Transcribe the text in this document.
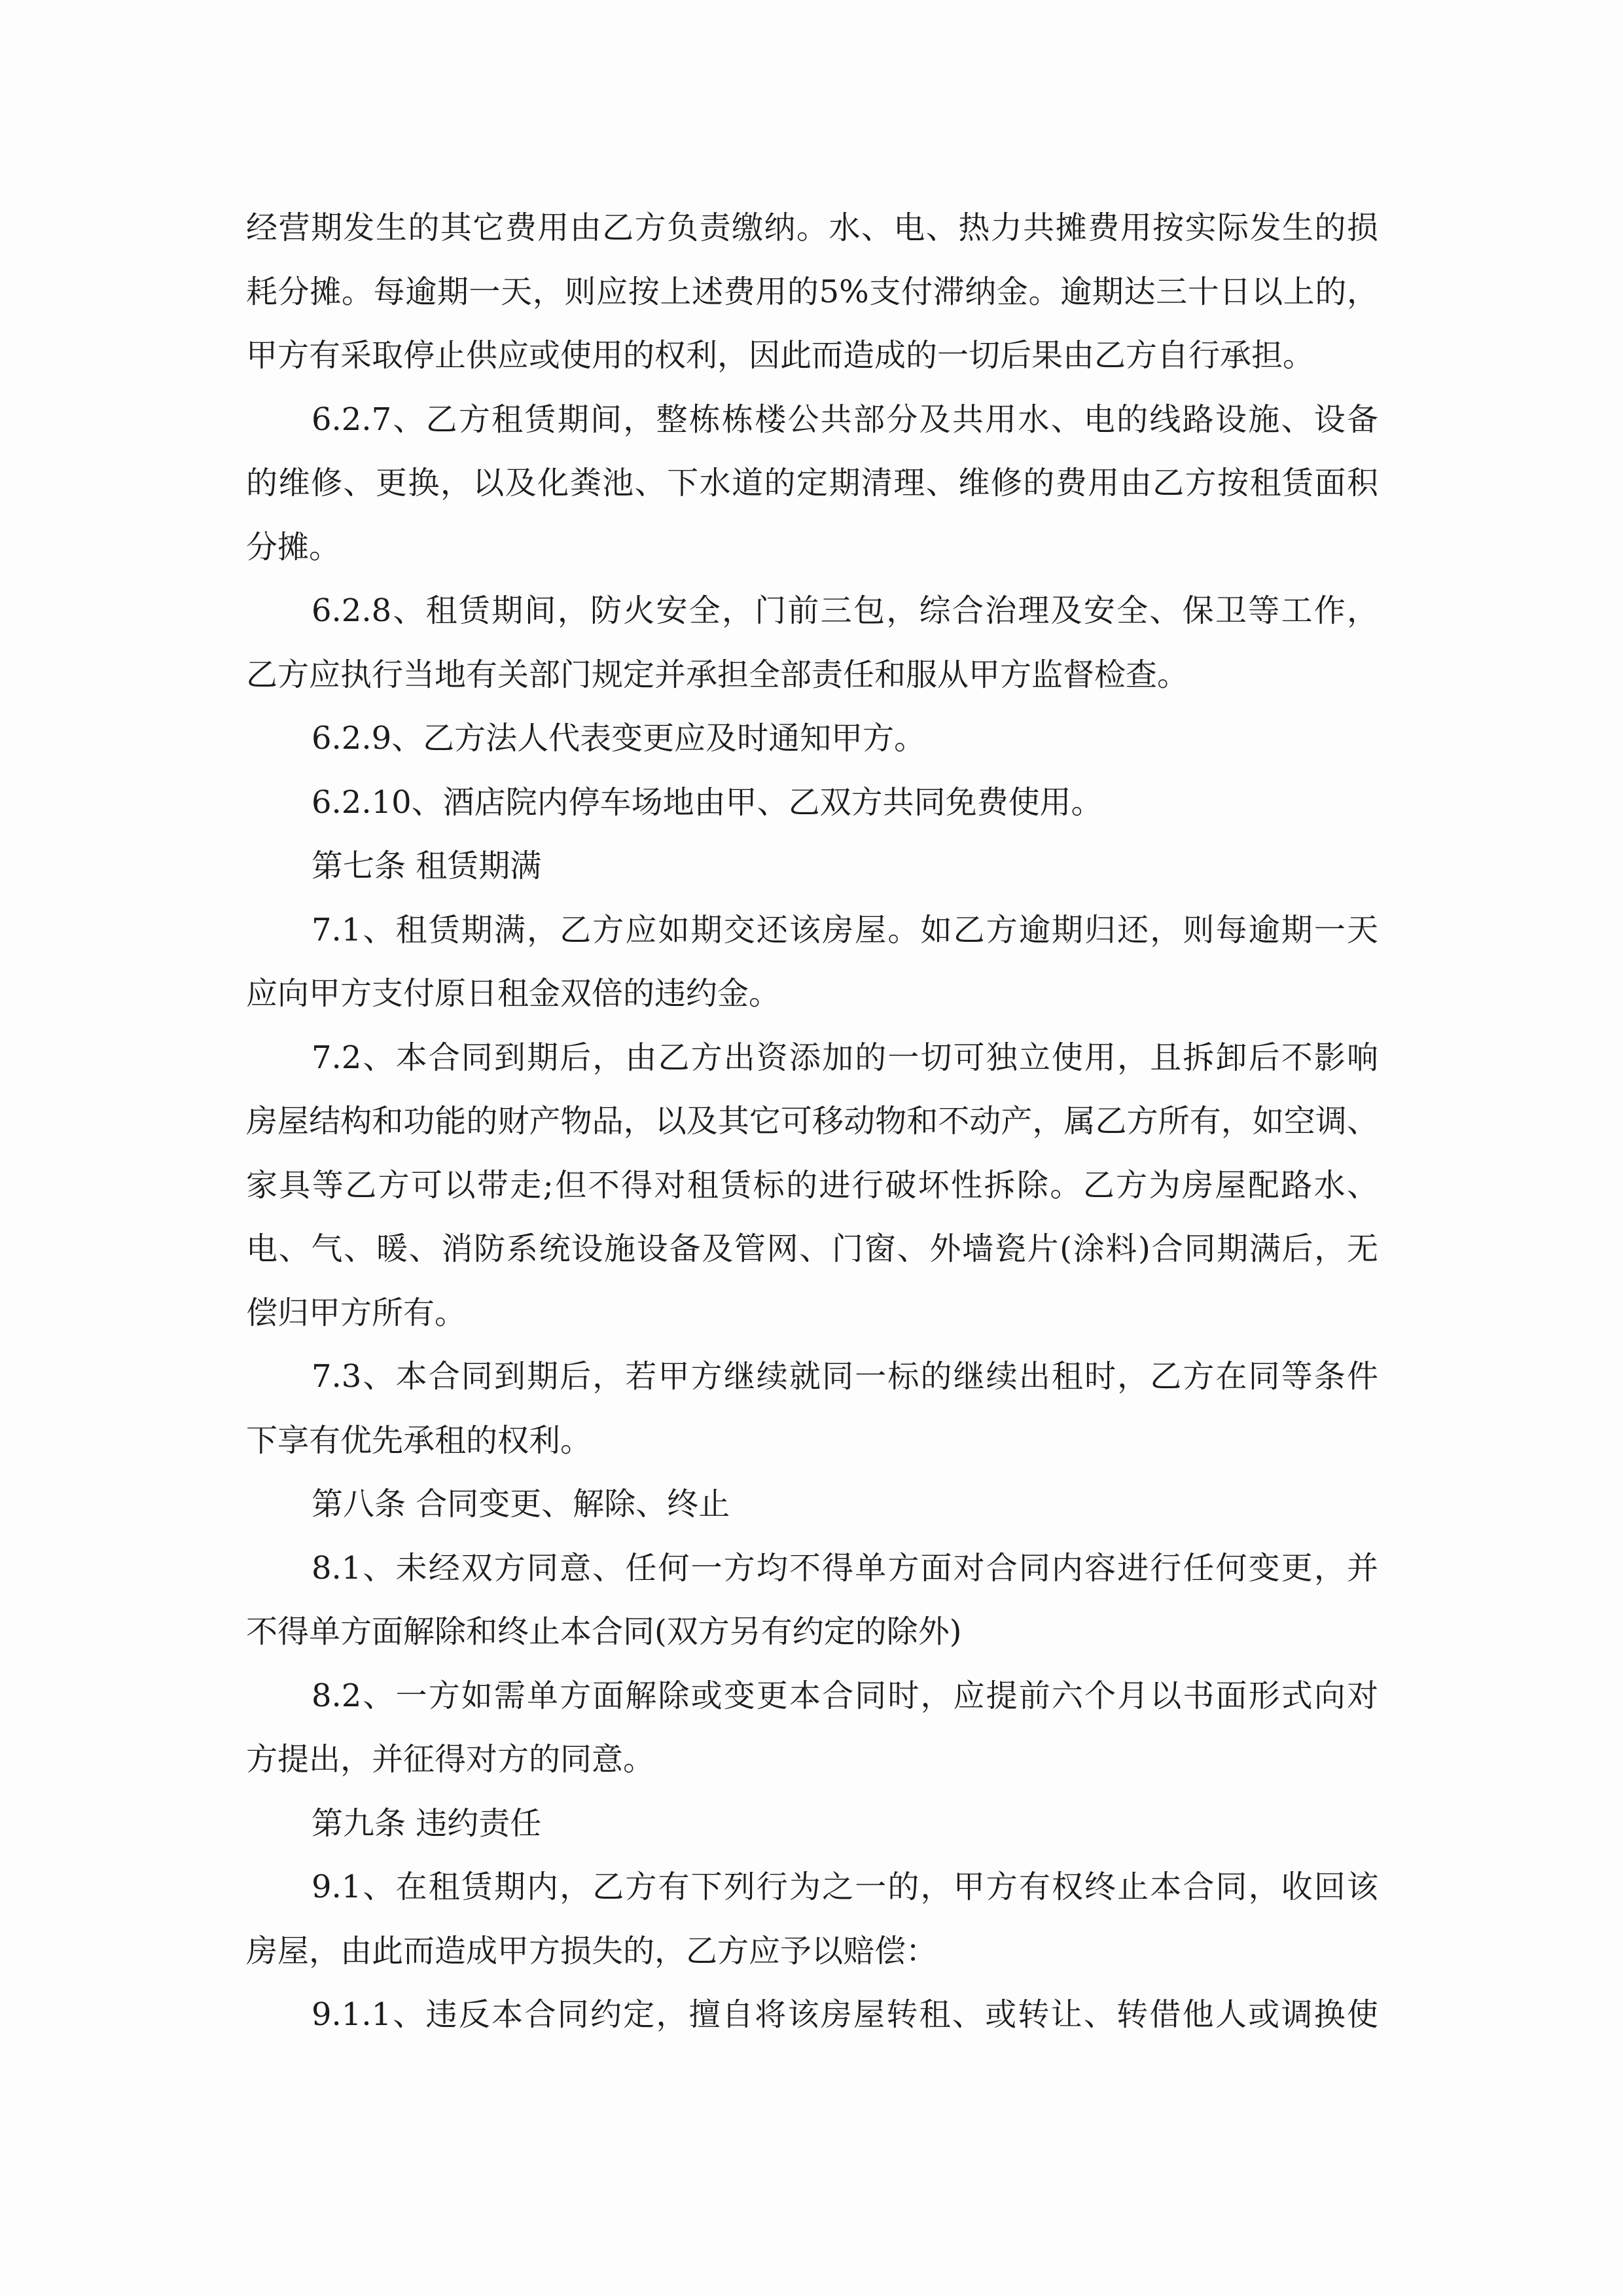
经营期发生的其它费用由乙方负责缴纳。水、电、热力共摊费用按实际发生的损
耗分摊。每逾期一天，则应按上述费用的5%支付滞纳金。逾期达三十日以上的，
甲方有采取停止供应或使用的权利，因此而造成的一切后果由乙方自行承担。
6.2.7、乙方租赁期间，整栋栋楼公共部分及共用水、电的线路设施、设备
的维修、更换，以及化粪池、下水道的定期清理、维修的费用由乙方按租赁面积
分摊。
6.2.8、租赁期间，防火安全，门前三包，综合治理及安全、保卫等工作，
乙方应执行当地有关部门规定并承担全部责任和服从甲方监督检查。
6.2.9、乙方法人代表变更应及时通知甲方。
6.2.10、酒店院内停车场地由甲、乙双方共同免费使用。
第七条 租赁期满
7.1、租赁期满，乙方应如期交还该房屋。如乙方逾期归还，则每逾期一天
应向甲方支付原日租金双倍的违约金。
7.2、本合同到期后，由乙方出资添加的一切可独立使用，且拆卸后不影响
房屋结构和功能的财产物品，以及其它可移动物和不动产，属乙方所有，如空调、
家具等乙方可以带走;但不得对租赁标的进行破坏性拆除。乙方为房屋配路水、
电、气、暖、消防系统设施设备及管网、门窗、外墙瓷片(涂料)合同期满后，无
偿归甲方所有。
7.3、本合同到期后，若甲方继续就同一标的继续出租时，乙方在同等条件
下享有优先承租的权利。
第八条 合同变更、解除、终止
8.1、未经双方同意、任何一方均不得单方面对合同内容进行任何变更，并
不得单方面解除和终止本合同(双方另有约定的除外)
8.2、一方如需单方面解除或变更本合同时，应提前六个月以书面形式向对
方提出，并征得对方的同意。
第九条 违约责任
9.1、在租赁期内，乙方有下列行为之一的，甲方有权终止本合同，收回该
房屋，由此而造成甲方损失的，乙方应予以赔偿：
9.1.1、违反本合同约定，擅自将该房屋转租、或转让、转借他人或调换使
